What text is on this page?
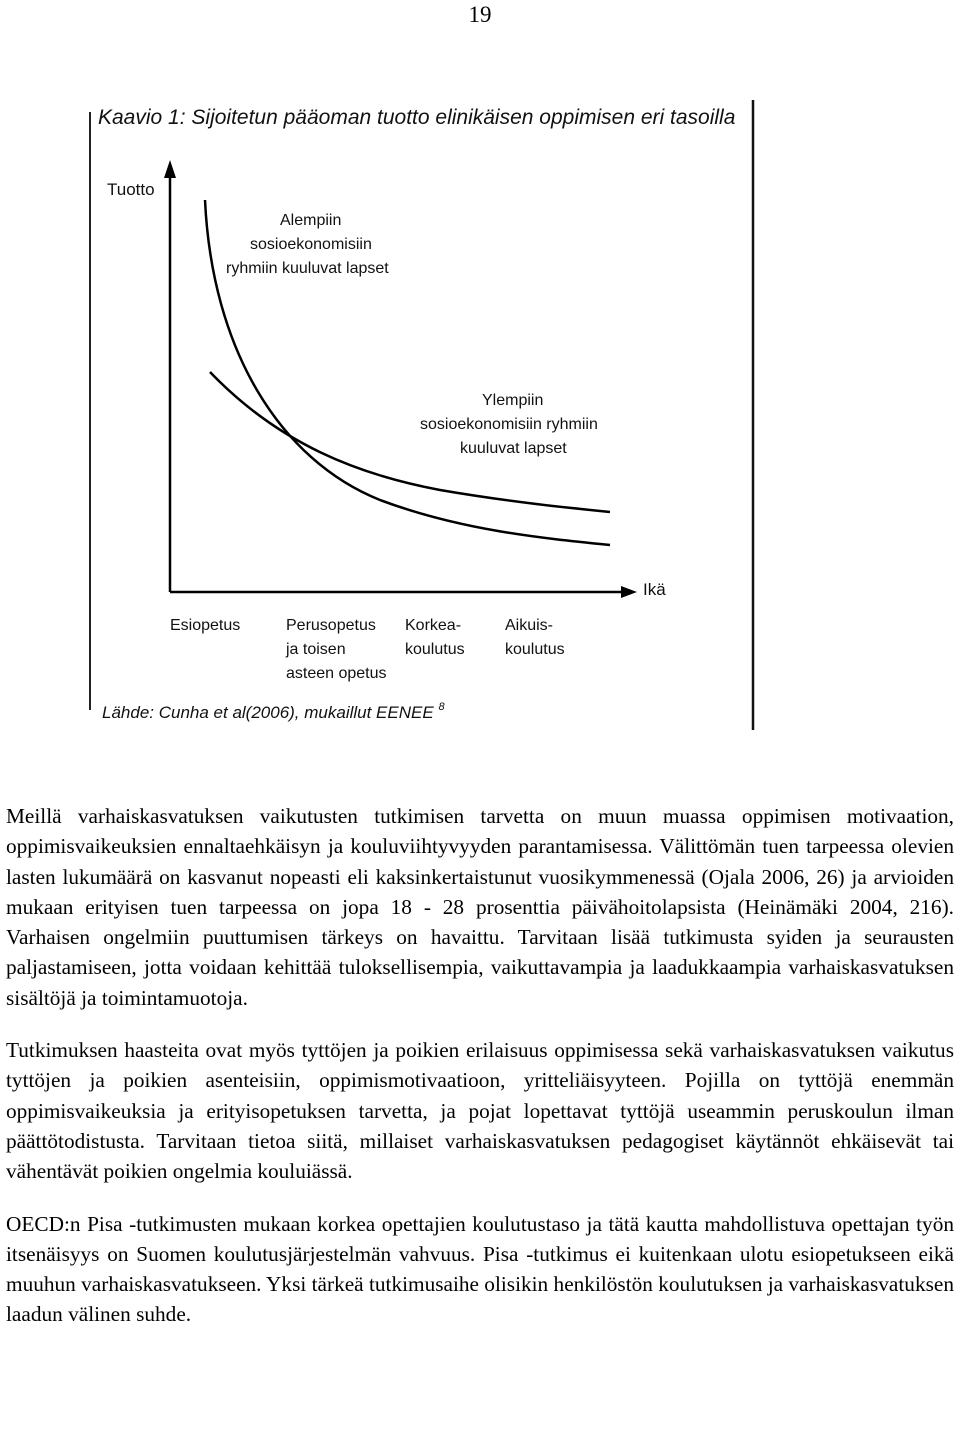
19
Kaavio 1: Sijoitetun pääoman tuotto elinikäisen oppimisen eri tasoilla
Tuotto
Ikä
Alempiin sosioekonomisiin ryhmiin kuuluvat lapset
Ylempiin sosioekonomisiin ryhmiin kuuluvat lapset
Esiopetus	Perusopetus ja toisen asteen opetus
Korkea- koulutus
Aikuis- koulutus
Lähde: Cunha et al(2006), mukaillut EENEE $^8$

Meillä varhaiskasvatuksen vaikutusten tutkimisen tarvetta on muun muassa oppimisen motivaation, oppimisvaikeuksien ennaltaehkäisyn ja kouluviihtyvyyden parantamisessa. Välittömän tuen tarpeessa olevien lasten lukumäärä on kasvanut nopeasti eli kaksinkertaistunut vuosikymmenessä (Ojala 2006, 26) ja arvioiden mukaan erityisen tuen tarpeessa on jopa 18 - 28 prosenttia päivähoitolapsista (Heinämäki 2004, 216). Varhaisen ongelmiin puuttumisen tärkeys on havaittu. Tarvitaan lisää tutkimusta syiden ja seurausten paljastamiseen, jotta voidaan kehittää tuloksellisempia, vaikuttavampia ja laadukkaampia varhaiskasvatuksen sisältöjä ja toimintamuotoja.

Tutkimuksen haasteita ovat myös tyttöjen ja poikien erilaisuus oppimisessa sekä varhaiskasvatuksen vaikutus tyttöjen ja poikien asenteisiin, oppimismotivaatioon, yritteliäisyyteen. Pojilla on tyttöjä enemmän oppimisvaikeuksia ja erityisopetuksen tarvetta, ja pojat lopettavat tyttöjä useammin peruskoulun ilman päättötodistusta. Tarvitaan tietoa siitä, millaiset varhaiskasvatuksen pedagogiset käytännöt ehkäisevät tai vähentävät poikien ongelmia kouluiässä.

OECD:n Pisa -tutkimusten mukaan korkea opettajien koulutustaso ja tätä kautta mahdollistuva opettajan työn itsenäisyys on Suomen koulutusjärjestelmän vahvuus. Pisa -tutkimus ei kuitenkaan ulotu esiopetukseen eikä muuhun varhaiskasvatukseen. Yksi tärkeä tutkimusaihe olisikin henkilöstön koulutuksen ja varhaiskasvatuksen laadun välinen suhde.
